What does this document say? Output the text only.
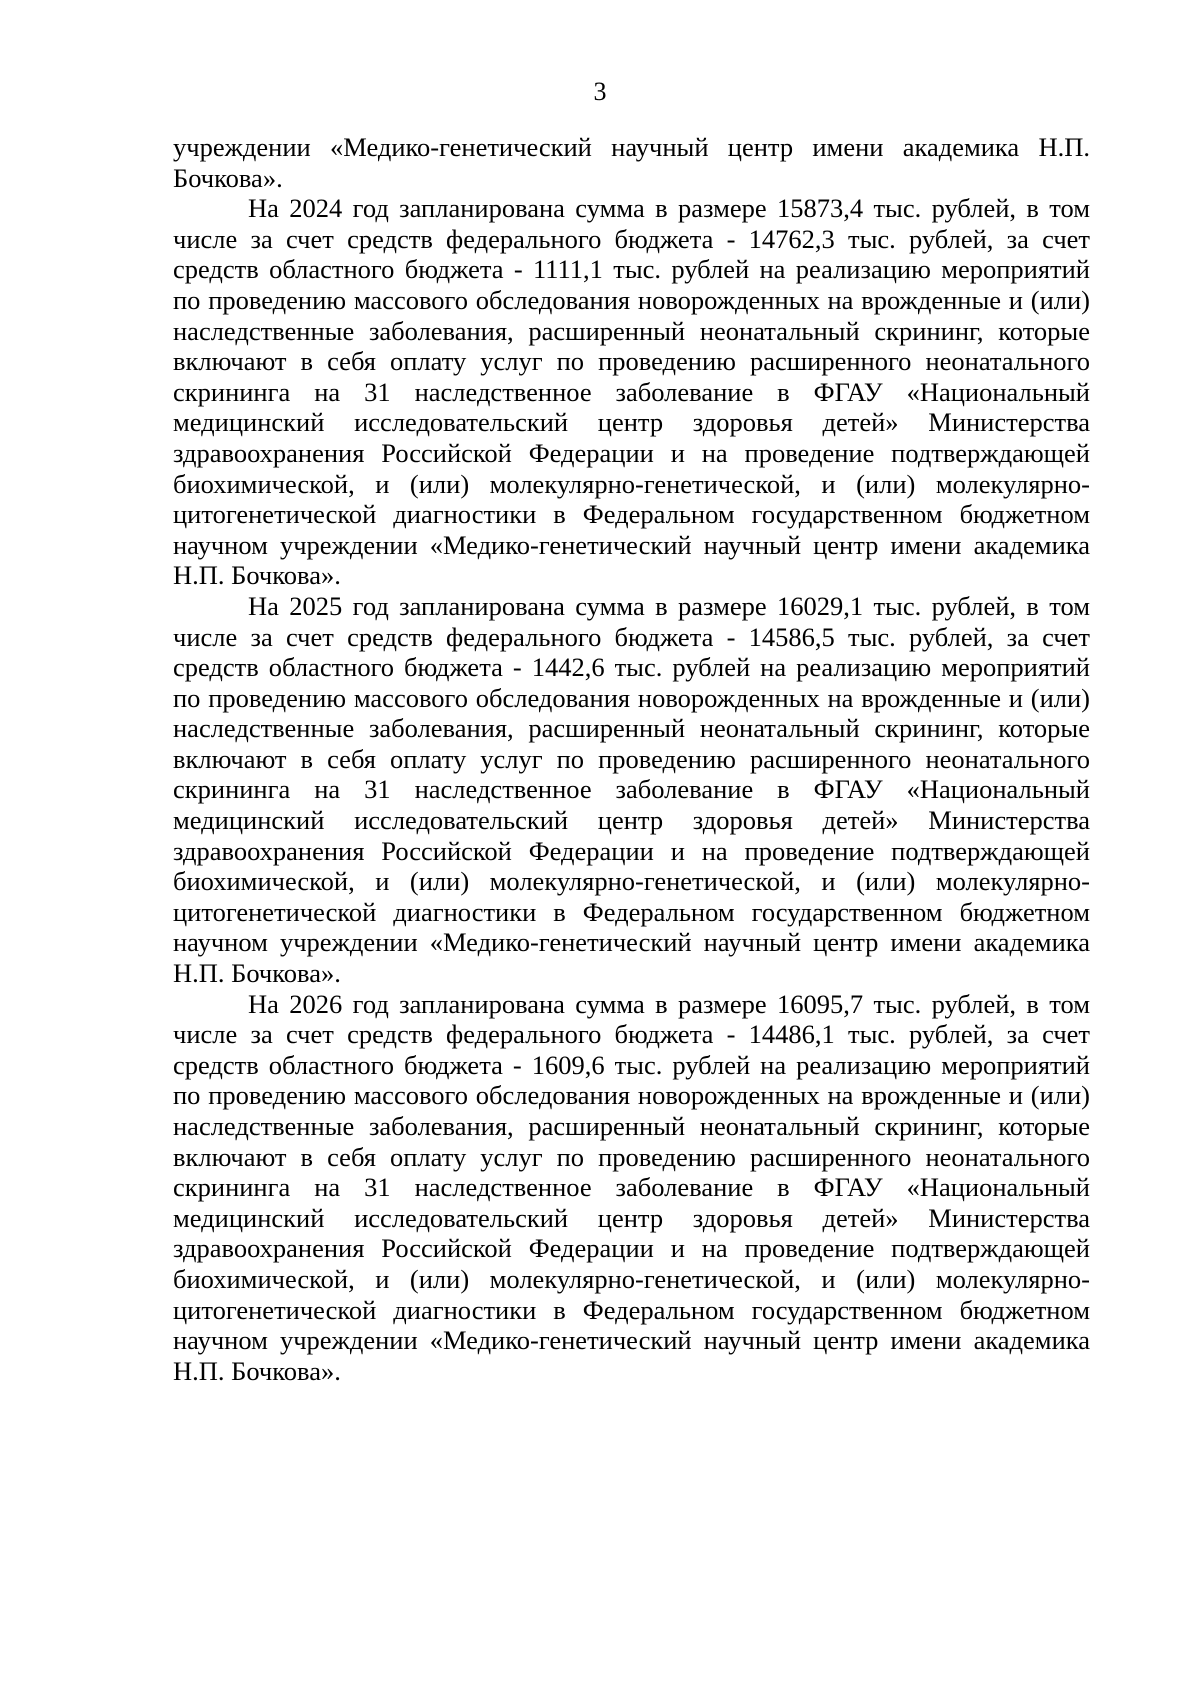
3

учреждении «Медико-генетический научный центр имени академика Н.П. Бочкова».

На 2024 год запланирована сумма в размере 15873,4 тыс. рублей, в том числе за счет средств федерального бюджета - 14762,3 тыс. рублей, за счет средств областного бюджета - 1111,1 тыс. рублей на реализацию мероприятий по проведению массового обследования новорожденных на врожденные и (или) наследственные заболевания, расширенный неонатальный скрининг, которые включают в себя оплату услуг по проведению расширенного неонатального скрининга на 31 наследственное заболевание в ФГАУ «Национальный медицинский исследовательский центр здоровья детей» Министерства здравоохранения Российской Федерации и на проведение подтверждающей биохимической, и (или) молекулярно-генетической, и (или) молекулярно-цитогенетической диагностики в Федеральном государственном бюджетном научном учреждении «Медико-генетический научный центр имени академика Н.П. Бочкова».

На 2025 год запланирована сумма в размере 16029,1 тыс. рублей, в том числе за счет средств федерального бюджета - 14586,5 тыс. рублей, за счет средств областного бюджета - 1442,6 тыс. рублей на реализацию мероприятий по проведению массового обследования новорожденных на врожденные и (или) наследственные заболевания, расширенный неонатальный скрининг, которые включают в себя оплату услуг по проведению расширенного неонатального скрининга на 31 наследственное заболевание в ФГАУ «Национальный медицинский исследовательский центр здоровья детей» Министерства здравоохранения Российской Федерации и на проведение подтверждающей биохимической, и (или) молекулярно-генетической, и (или) молекулярно-цитогенетической диагностики в Федеральном государственном бюджетном научном учреждении «Медико-генетический научный центр имени академика Н.П. Бочкова».

На 2026 год запланирована сумма в размере 16095,7 тыс. рублей, в том числе за счет средств федерального бюджета - 14486,1 тыс. рублей, за счет средств областного бюджета - 1609,6 тыс. рублей на реализацию мероприятий по проведению массового обследования новорожденных на врожденные и (или) наследственные заболевания, расширенный неонатальный скрининг, которые включают в себя оплату услуг по проведению расширенного неонатального скрининга на 31 наследственное заболевание в ФГАУ «Национальный медицинский исследовательский центр здоровья детей» Министерства здравоохранения Российской Федерации и на проведение подтверждающей биохимической, и (или) молекулярно-генетической, и (или) молекулярно-цитогенетической диагностики в Федеральном государственном бюджетном научном учреждении «Медико-генетический научный центр имени академика Н.П. Бочкова».
